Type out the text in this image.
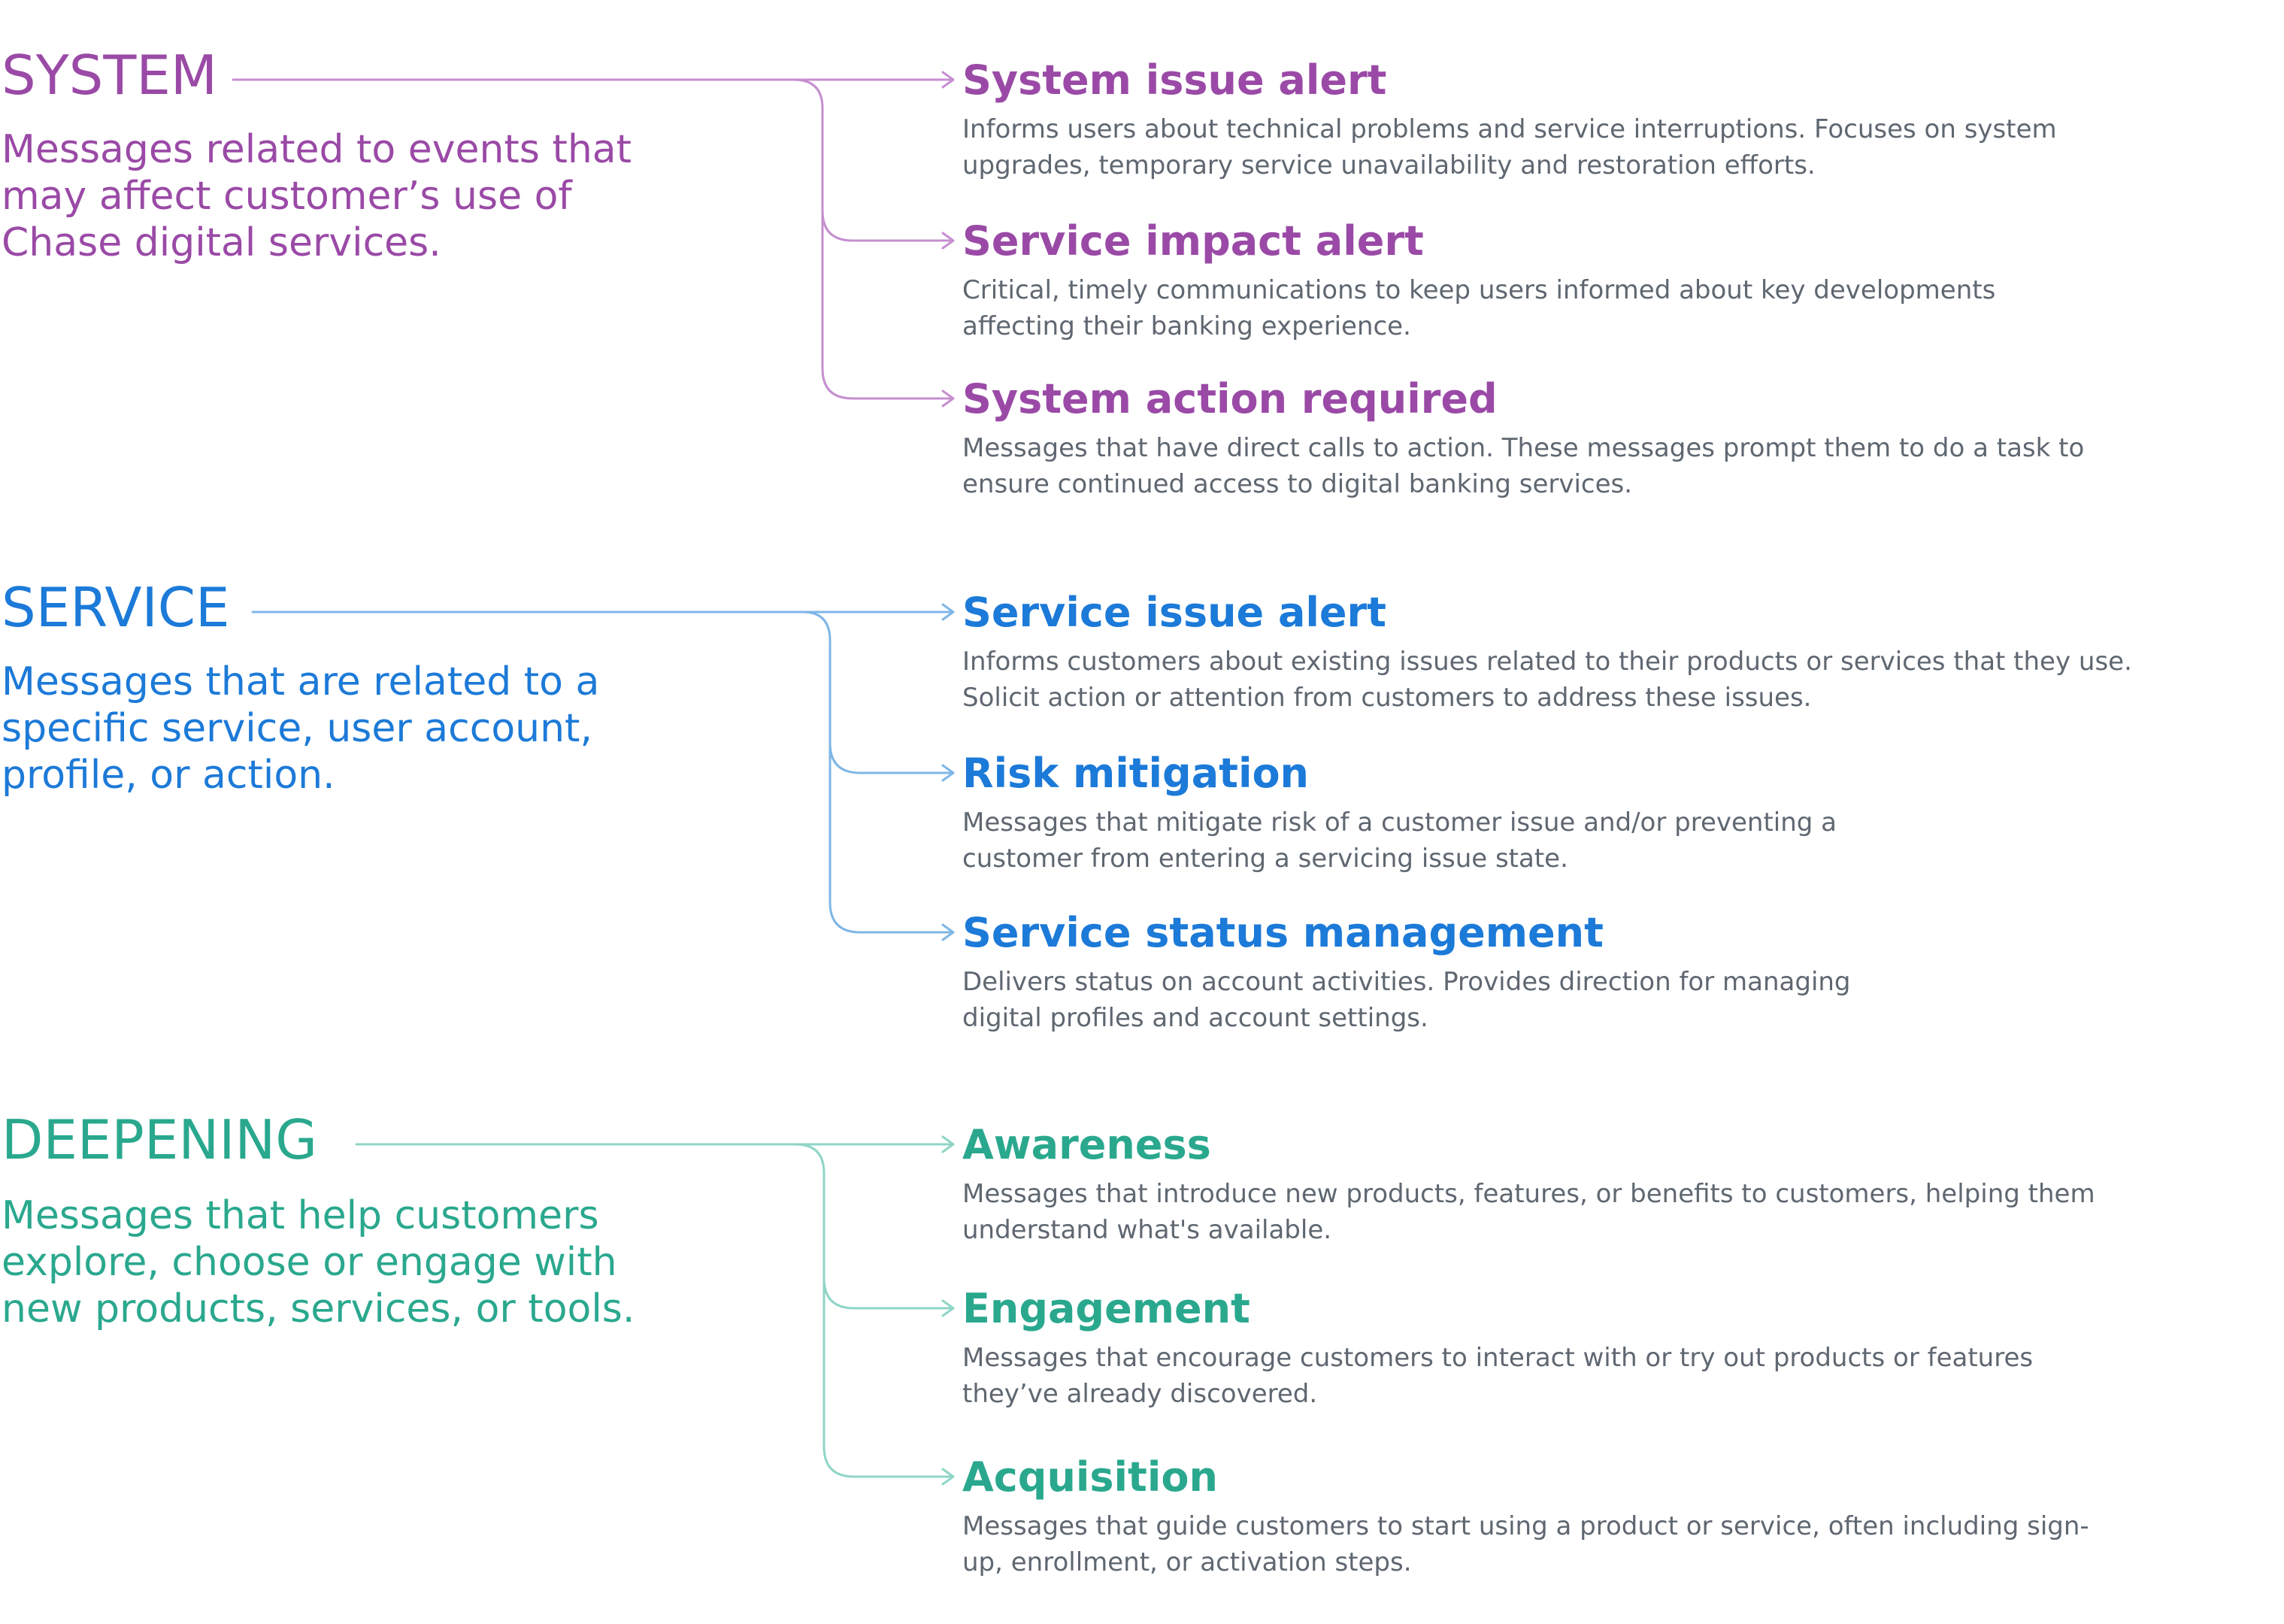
SYSTEM
Messages related to events that
may affect customer’s use of
Chase digital services.
System issue alert
Informs users about technical problems and service interruptions. Focuses on system
upgrades, temporary service unavailability and restoration efforts.
Service impact alert
Critical, timely communications to keep users informed about key developments
affecting their banking experience.
System action required
Messages that have direct calls to action. These messages prompt them to do a task to
ensure continued access to digital banking services.
SERVICE
Messages that are related to a
specific service, user account,
profile, or action.
Service issue alert
Informs customers about existing issues related to their products or services that they use.
Solicit action or attention from customers to address these issues.
Risk mitigation
Messages that mitigate risk of a customer issue and/or preventing a
customer from entering a servicing issue state.
Service status management
Delivers status on account activities. Provides direction for managing
digital profiles and account settings.
DEEPENING
Messages that help customers
explore, choose or engage with
new products, services, or tools.
Awareness
Messages that introduce new products, features, or benefits to customers, helping them
understand what's available.
Engagement
Messages that encourage customers to interact with or try out products or features
they’ve already discovered.
Acquisition
Messages that guide customers to start using a product or service, often including sign-
up, enrollment, or activation steps.
